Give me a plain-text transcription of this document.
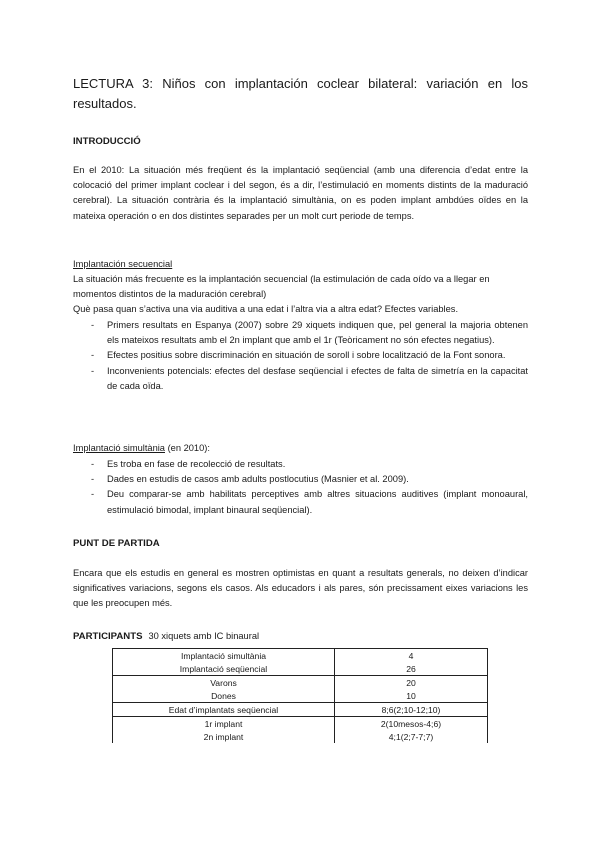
LECTURA 3: Niños con implantación coclear bilateral: variación en los resultados.
INTRODUCCIÓ

En el 2010: La situación més freqüent és la implantació seqüencial (amb una diferencia d’edat entre la colocació del primer implant coclear i del segon, és a dir, l’estimulació en moments distints de la maduració cerebral). La situación contrària és la implantació simultània, on es poden implant ambdúes oïdes en la mateixa operación o en dos distintes separades per un molt curt periode de temps.

Implantación secuencial

La situación más frecuente es la implantación secuencial (la estimulación de cada oído va a llegar en momentos distintos de la maduración cerebral)

Què pasa quan s’activa una via auditiva a una edat i l’altra via a altra edat? Efectes variables.

- Primers resultats en Espanya (2007) sobre 29 xiquets indiquen que, pel general la majoria obtenen els mateixos resultats amb el 2n implant que amb el 1r (Teòricament no són efectes negatius).
- Efectes positius sobre discriminación en situación de soroll i sobre localització de la Font sonora.
- Inconvenients potencials: efectes del desfase seqüencial i efectes de falta de simetría en la capacitat de cada oïda.
Implantació simultània (en 2010):
- Es troba en fase de recolecció de resultats.
- Dades en estudis de casos amb adults postlocutius (Masnier et al. 2009).
- Deu comparar-se amb habilitats perceptives amb altres situacions auditives (implant monoaural, estimulació bimodal, implant binaural seqüencial).
PUNT DE PARTIDA

Encara que els estudis en general es mostren optimistas en quant a resultats generals, no deixen d’indicar significatives variacions, segons els casos. Als educadors i als pares, són precissament eixes variacions les que les preocupen més.

PARTICIPANTS 30 xiquets amb IC binaural
Implantació simultània	4
Implantació seqüencial	26
Varons	20
Dones	10
Edat d’implantats seqüencial	8;6(2;10-12;10)
1r implant	2(10mesos-4;6)
2n implant	4;1(2;7-7;7)
